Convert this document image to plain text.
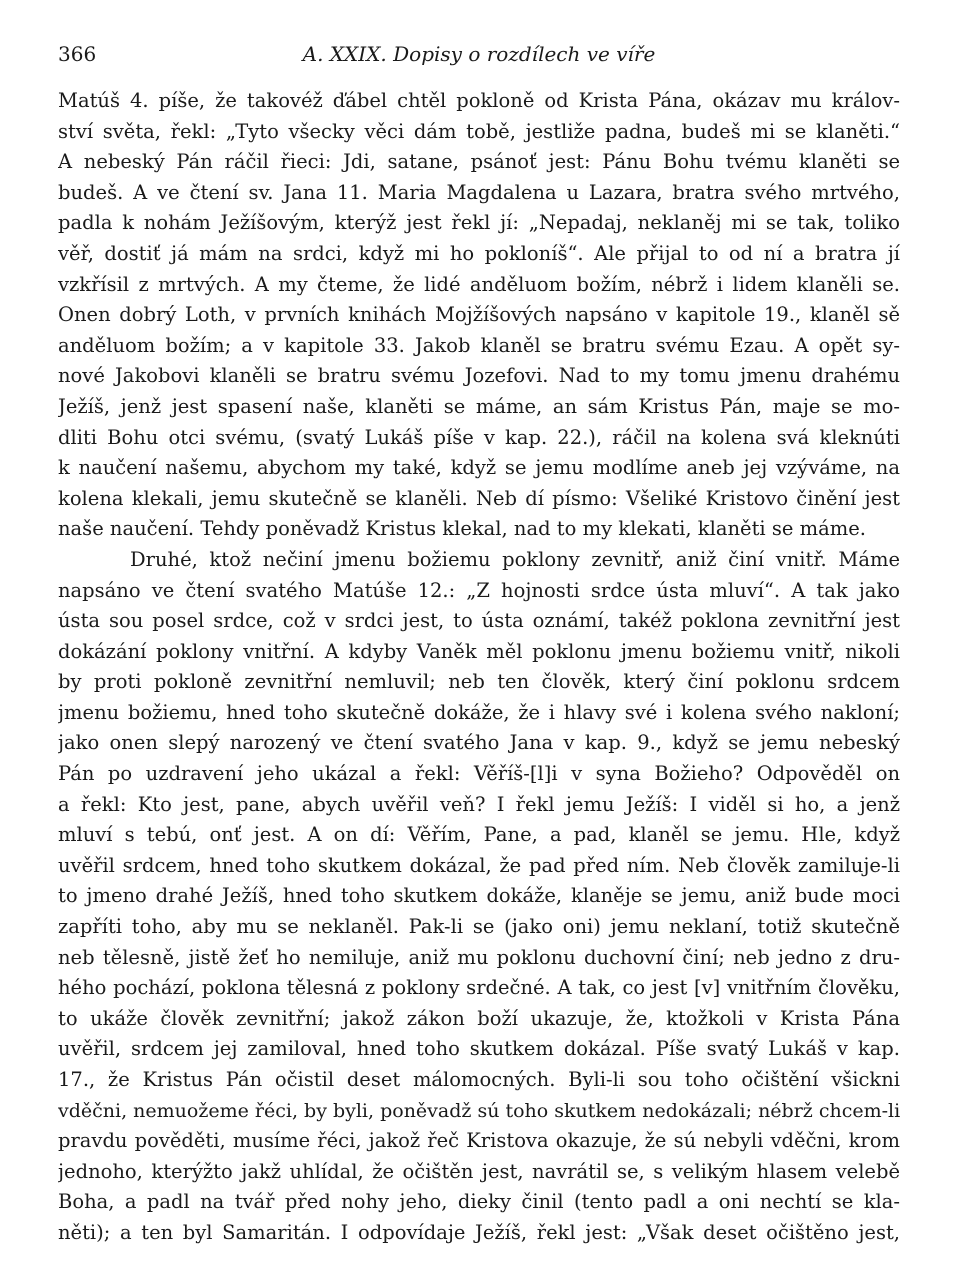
366	A. XXIX. Dopisy o rozdílech ve víře
Matúš 4. píše, že takovéž ďábel chtěl pokloně od Krista Pána, okázav mu králov-
ství světa, řekl: „Tyto všecky věci dám tobě, jestliže padna, budeš mi se klaněti.“
A nebeský Pán ráčil řieci: Jdi, satane, psánoť jest: Pánu Bohu tvému klaněti se
budeš. A ve čtení sv. Jana 11. Maria Magdalena u Lazara, bratra svého mrtvého,
padla k nohám Ježíšovým, kterýž jest řekl jí: „Nepadaj, neklaněj mi se tak, toliko
věř, dostiť já mám na srdci, když mi ho pokloníš“. Ale přijal to od ní a bratra jí
vzkřísil z mrtvých. A my čteme, že lidé anděluom božím, nébrž i lidem klaněli se.
Onen dobrý Loth, v prvních knihách Mojžíšových napsáno v kapitole 19., klaněl sě
anděluom božím; a v kapitole 33. Jakob klaněl se bratru svému Ezau. A opět sy-
nové Jakobovi klaněli se bratru svému Jozefovi. Nad to my tomu jmenu drahému
Ježíš, jenž jest spasení naše, klaněti se máme, an sám Kristus Pán, maje se mo-
dliti Bohu otci svému, (svatý Lukáš píše v kap. 22.), ráčil na kolena svá kleknúti
k naučení našemu, abychom my také, když se jemu modlíme aneb jej vzýváme, na
kolena klekali, jemu skutečně se klaněli. Neb dí písmo: Všeliké Kristovo činění jest
naše naučení. Tehdy poněvadž Kristus klekal, nad to my klekati, klaněti se máme.
Druhé, ktož nečiní jmenu božiemu poklony zevnitř, aniž činí vnitř. Máme
napsáno ve čtení svatého Matúše 12.: „Z hojnosti srdce ústa mluví“. A tak jako
ústa sou posel srdce, což v srdci jest, to ústa oznámí, takéž poklona zevnitřní jest
dokázání poklony vnitřní. A kdyby Vaněk měl poklonu jmenu božiemu vnitř, nikoli
by proti pokloně zevnitřní nemluvil; neb ten člověk, který činí poklonu srdcem
jmenu božiemu, hned toho skutečně dokáže, že i hlavy své i kolena svého nakloní;
jako onen slepý narozený ve čtení svatého Jana v kap. 9., když se jemu nebeský
Pán po uzdravení jeho ukázal a řekl: Věříš-[l]i v syna Božieho? Odpověděl on
a řekl: Kto jest, pane, abych uvěřil veň? I řekl jemu Ježíš: I viděl si ho, a jenž
mluví s tebú, onť jest. A on dí: Věřím, Pane, a pad, klaněl se jemu. Hle, když
uvěřil srdcem, hned toho skutkem dokázal, že pad před ním. Neb člověk zamiluje-li
to jmeno drahé Ježíš, hned toho skutkem dokáže, klaněje se jemu, aniž bude moci
zapříti toho, aby mu se neklaněl. Pak-li se (jako oni) jemu neklaní, totiž skutečně
neb tělesně, jistě žeť ho nemiluje, aniž mu poklonu duchovní činí; neb jedno z dru-
hého pochází, poklona tělesná z poklony srdečné. A tak, co jest [v] vnitřním člověku,
to ukáže člověk zevnitřní; jakož zákon boží ukazuje, že, ktožkoli v Krista Pána
uvěřil, srdcem jej zamiloval, hned toho skutkem dokázal. Píše svatý Lukáš v kap.
17., že Kristus Pán očistil deset málomocných. Byli-li sou toho očištění všickni
vděčni, nemuožeme řéci, by byli, poněvadž sú toho skutkem nedokázali; nébrž chcem-li
pravdu pověděti, musíme řéci, jakož řeč Kristova okazuje, že sú nebyli vděčni, krom
jednoho, kterýžto jakž uhlídal, že očištěn jest, navrátil se, s velikým hlasem velebě
Boha, a padl na tvář před nohy jeho, dieky činil (tento padl a oni nechtí se kla-
něti); a ten byl Samaritán. I odpovídaje Ježíš, řekl jest: „Však deset očištěno jest,
